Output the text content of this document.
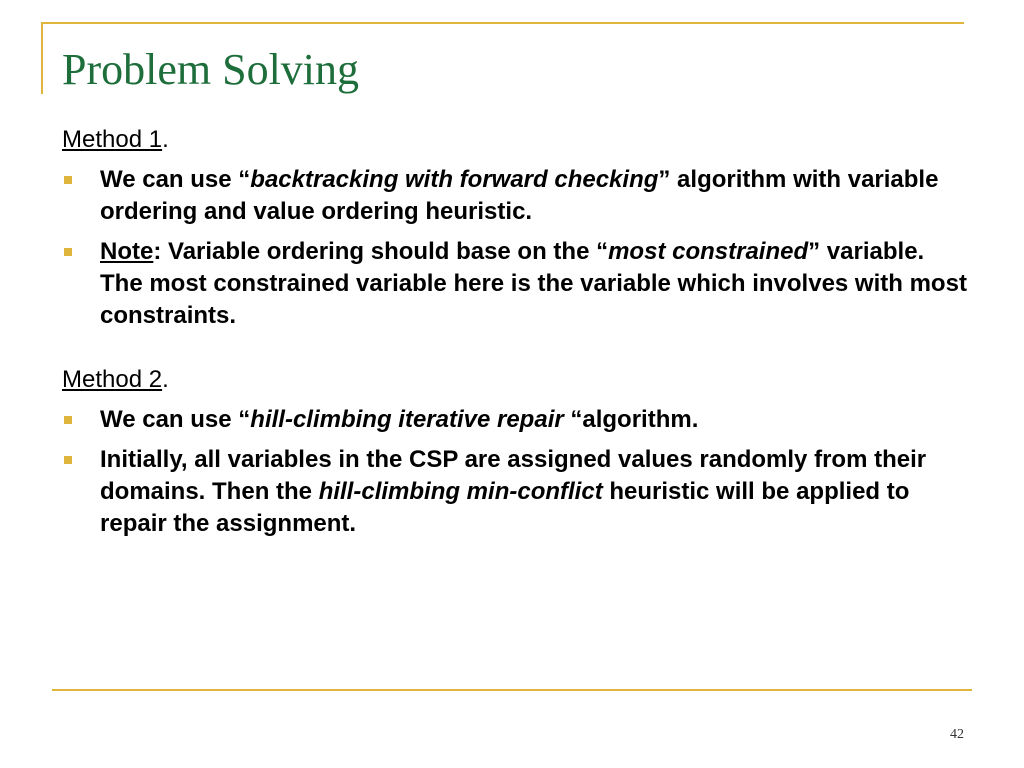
Problem Solving

Method 1.

We can use “backtracking with forward checking” algorithm with variable ordering and value ordering heuristic.
Note: Variable ordering should base on the “most constrained” variable. The most constrained variable here is the variable which involves with most constraints.

Method 2.

We can use “hill-climbing iterative repair “algorithm.
Initially, all variables in the CSP are assigned values randomly from their domains. Then the hill-climbing min-conflict heuristic will be applied to repair the assignment.
42
